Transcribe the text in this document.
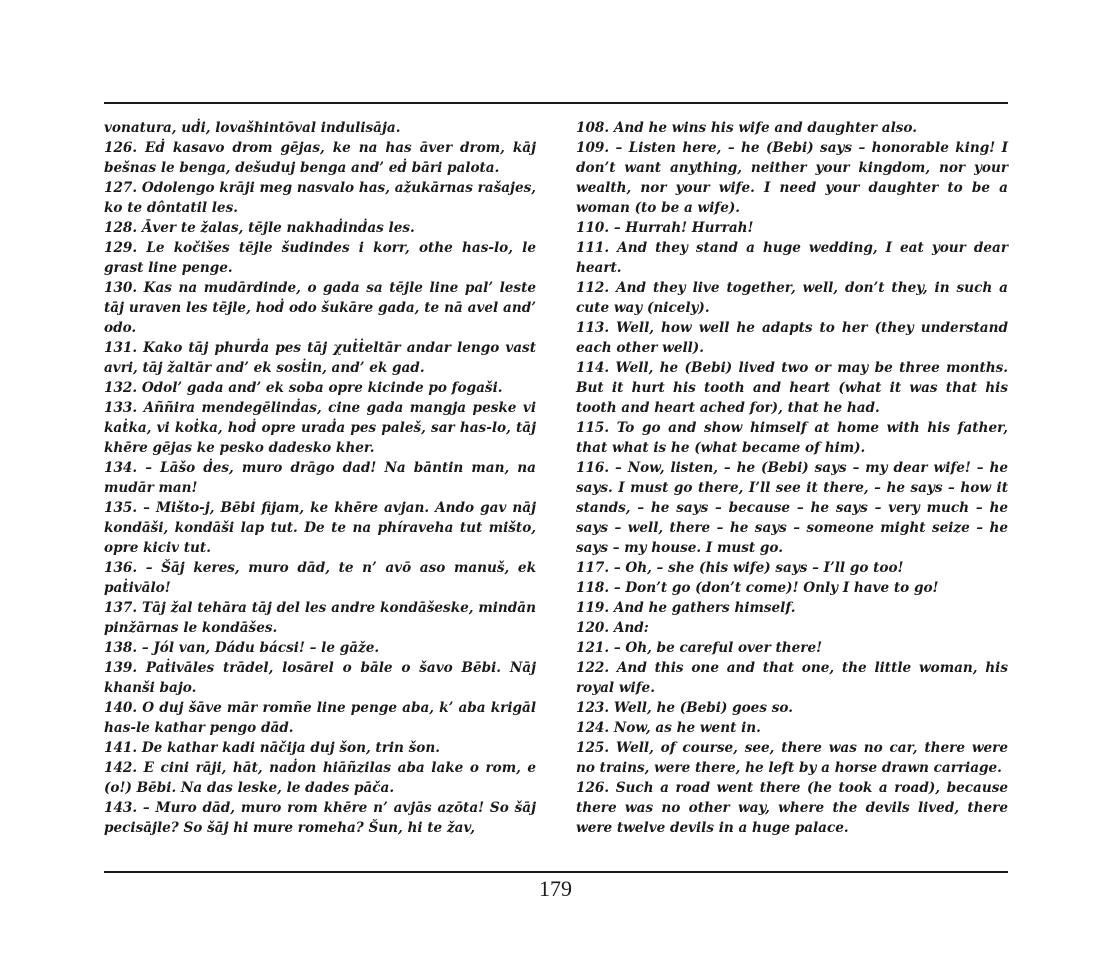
vonatura, uḋi, lovašhintōval indulisāja.

126. Eḋ kasavo drom gējas, ke na has āver drom, kāj bešnas le benga, dešuduj benga and’ eḋ bāri palota.

127. Odolengo krāji meg nasvalo has, ažukārnas rašajes, ko te dôntatil les.

128. Āver te žalas, tējle nakhaḋinḋas les.

129. Le kočišes tējle šudindes i korr, othe has-lo, le grast line penge.

130. Kas na mudārdinde, o gada sa tējle line pal’ leste tāj uraven les tējle, hoḋ odo šukāre gada, te nā avel and’ odo.

131. Kako tāj phurḋa pes tāj χuṫṫeltār andar lengo vast avri, tāj žaltār and’ ek sosṫin, and’ ek gad.

132. Odol’ gada and’ ek soba opre kicinde po fogaši.

133. Aññira mendegēlinḋas, cine gada mangja peske vi kaṫka, vi koṫka, hoḋ opre uraḋa pes paleš, sar has-lo, tāj khēre gējas ke pesko dadesko kher.

134. – Lāšo ḋes, muro drāgo dad! Na bāntin man, na mudār man!

135. – Mišto-j, Bēbi fijam, ke khēre avjan. Ando gav nāj kondāši, kondāši lap tut. De te na phíraveha tut mišto, opre kiciv tut.

136. – Šāj keres, muro dād, te n’ avō aso manuš, ek paṫivālo!

137. Tāj žal tehāra tāj del les andre kondāšeske, mindān pinžārnas le kondāšes.

138. – Jól van, Dádu bácsi! – le gāže.

139. Paṫivāles trādel, losārel o bāle o šavo Bēbi. Nāj khanši bajo.

140. O duj šāve mār romñe line penge aba, k’ aba krigāl has-le kathar pengo dād.

141. De kathar kadi nāčija duj šon, trin šon.

142. E cini rāji, hāt, naḋon hiāñzilas aba lake o rom, e (o!) Bēbi. Na das leske, le dades pāča.

143. – Muro dād, muro rom khēre n’ avjās azōta! So šāj pecisājle? So šāj hi mure romeha? Šun, hi te žav,

108. And he wins his wife and daughter also.

109. – Listen here, – he (Bebi) says – honorable king! I don’t want anything, neither your kingdom, nor your wealth, nor your wife. I need your daughter to be a woman (to be a wife).

110. – Hurrah! Hurrah!

111. And they stand a huge wedding, I eat your dear heart.

112. And they live together, well, don’t they, in such a cute way (nicely).

113. Well, how well he adapts to her (they understand each other well).

114. Well, he (Bebi) lived two or may be three months. But it hurt his tooth and heart (what it was that his tooth and heart ached for), that he had.

115. To go and show himself at home with his father, that what is he (what became of him).

116. – Now, listen, – he (Bebi) says – my dear wife! – he says. I must go there, I’ll see it there, – he says – how it stands, – he says – because – he says – very much – he says – well, there – he says – someone might seize – he says – my house. I must go.

117. – Oh, – she (his wife) says – I’ll go too!

118. – Don’t go (don’t come)! Only I have to go!

119. And he gathers himself.

120. And:

121. – Oh, be careful over there!

122. And this one and that one, the little woman, his royal wife.

123. Well, he (Bebi) goes so.

124. Now, as he went in.

125. Well, of course, see, there was no car, there were no trains, were there, he left by a horse drawn carriage.

126. Such a road went there (he took a road), because there was no other way, where the devils lived, there were twelve devils in a huge palace.

179
